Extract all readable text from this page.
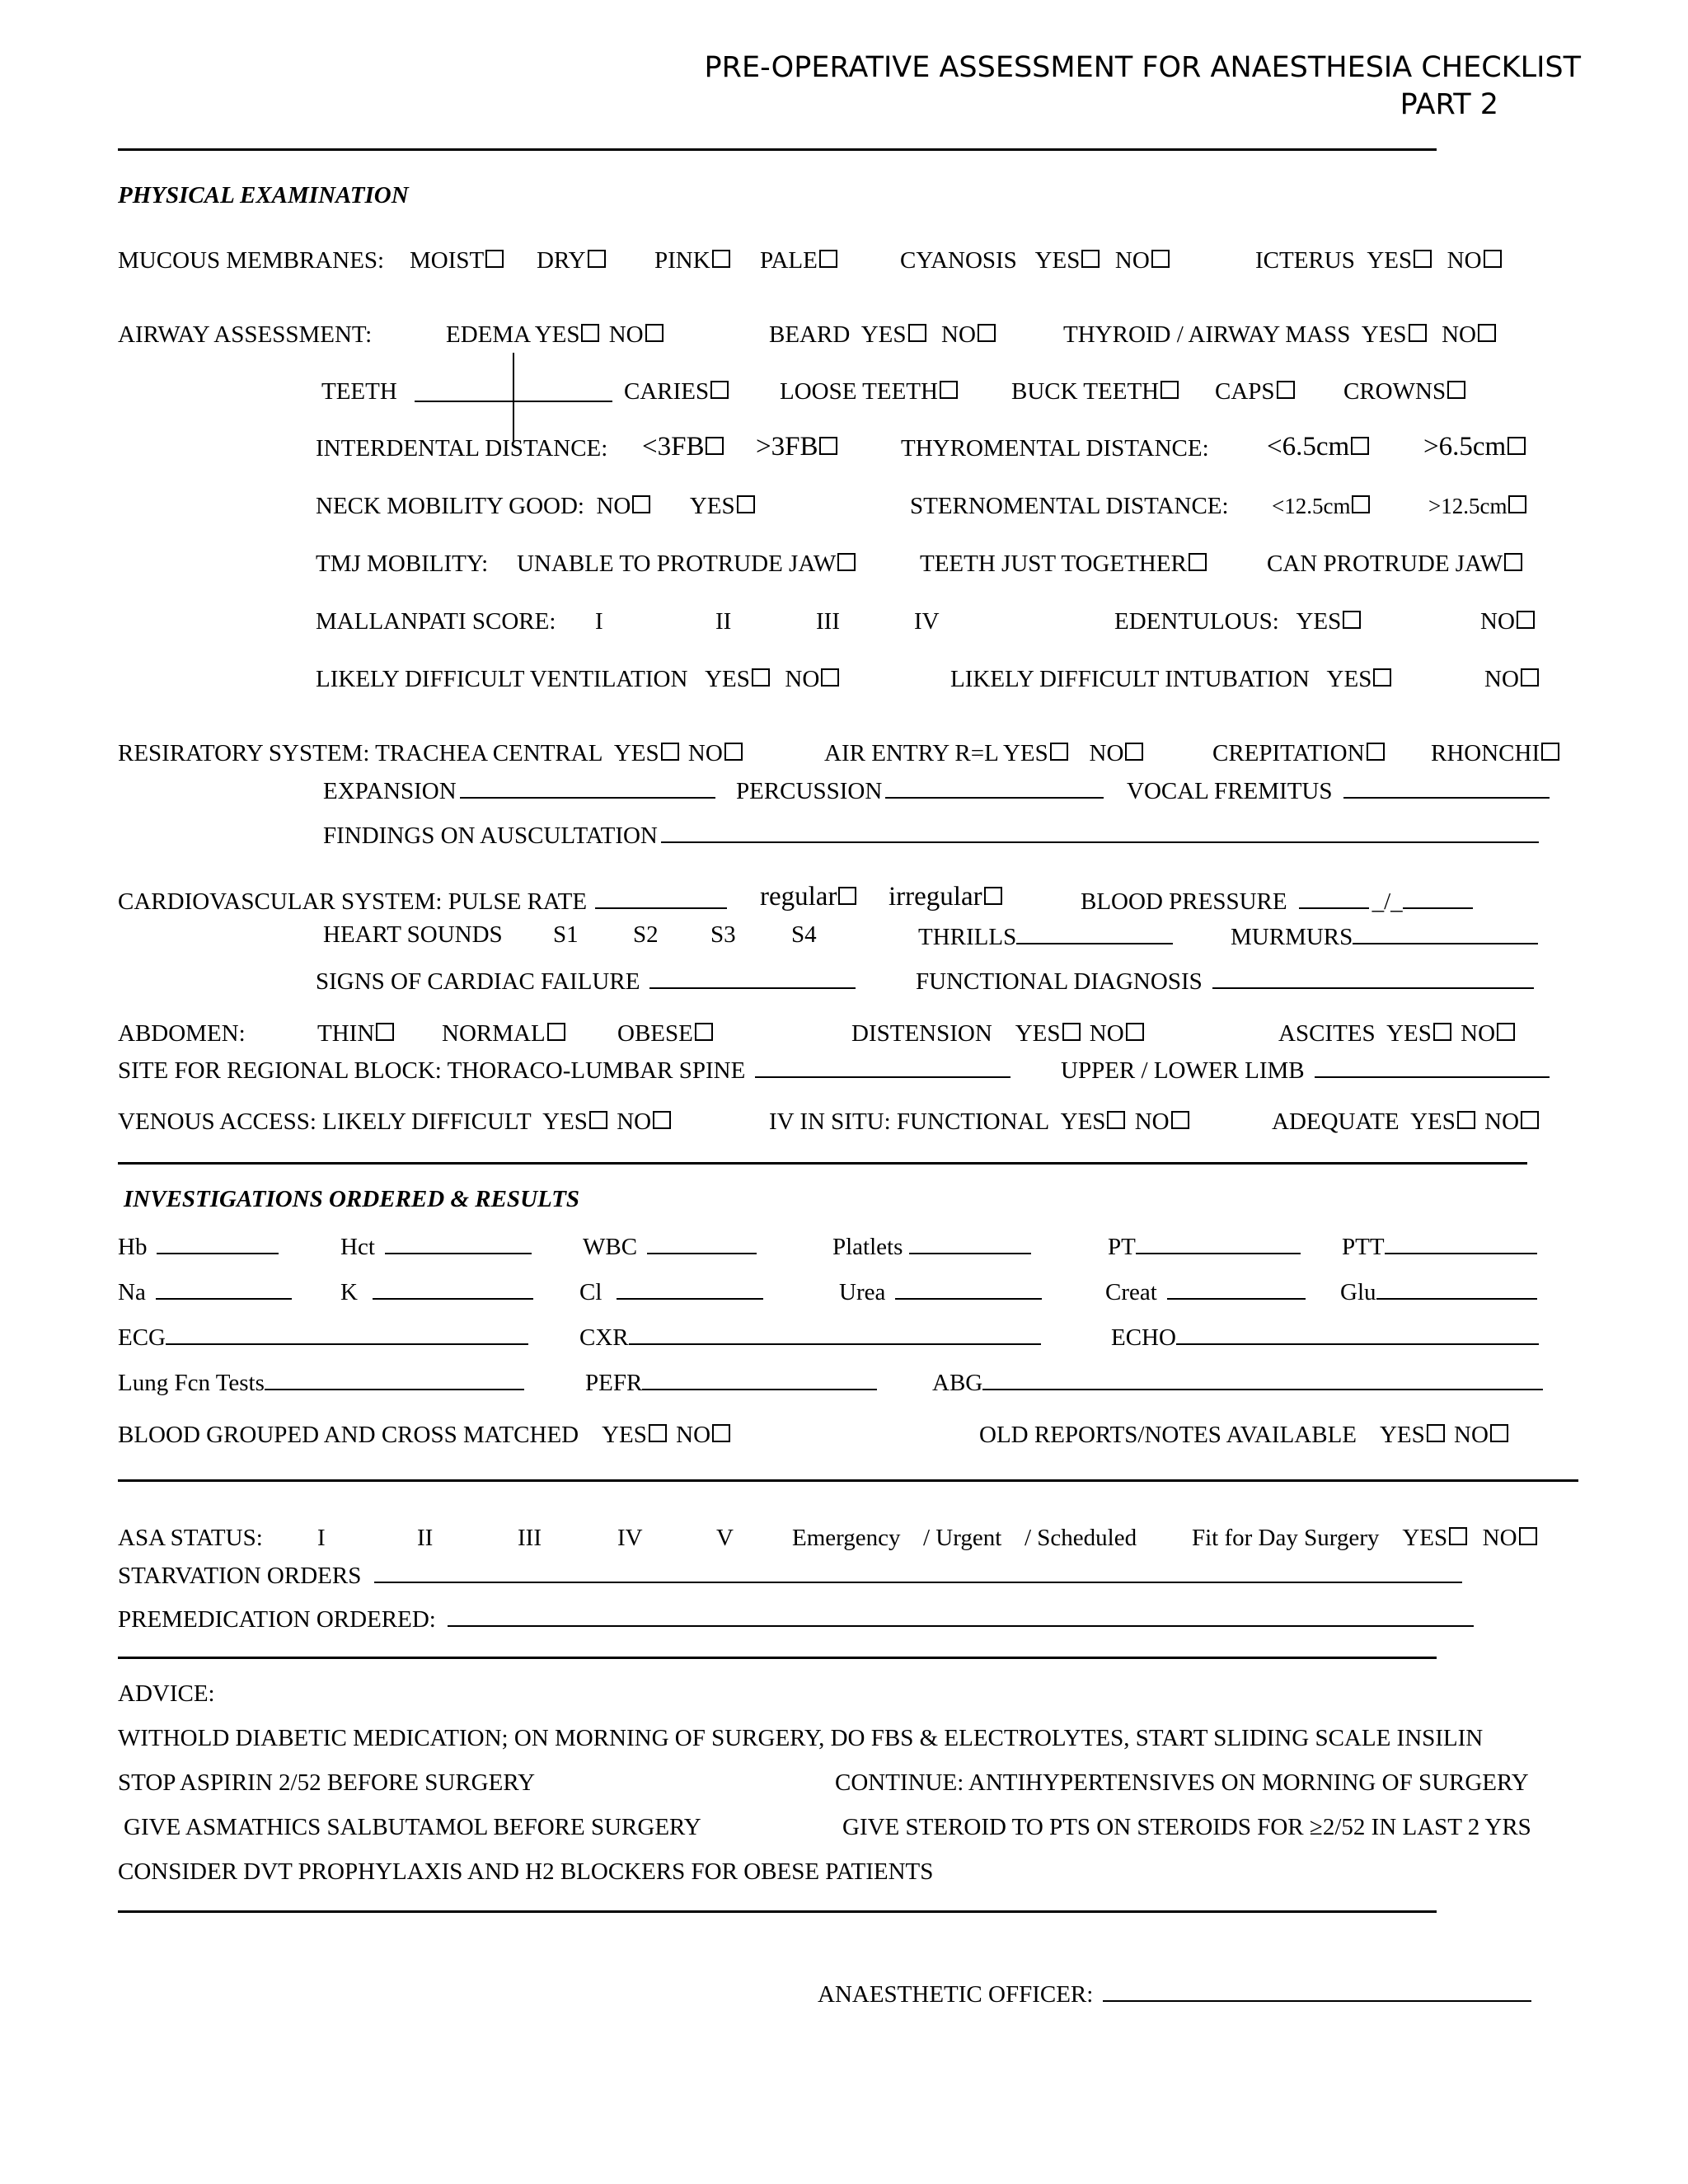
PRE-OPERATIVE ASSESSMENT FOR ANAESTHESIA CHECKLIST
PART 2
PHYSICAL EXAMINATION
MUCOUS MEMBRANES: MOIST	DRY	PINK	PALE	CYANOSIS YES NO	ICTERUS YES NO
AIRWAY ASSESSMENT:	EDEMA YES NO	BEARD YES NO	THYROID / AIRWAY MASS YES NO
TEETH	CARIES	LOOSE TEETH	BUCK TEETH	CAPS	CROWNS
INTERDENTAL DISTANCE: <3FB	>3FB	THYROMENTAL DISTANCE: <6.5cm	>6.5cm
NECK MOBILITY GOOD: NO YES	STERNOMENTAL DISTANCE: <12.5cm	>12.5cm
TMJ MOBILITY: UNABLE TO PROTRUDE JAW	TEETH JUST TOGETHER	CAN PROTRUDE JAW
MALLANPATI SCORE: I	II	III	IV	EDENTULOUS: YES	NO
LIKELY DIFFICULT VENTILATION YES NO	LIKELY DIFFICULT INTUBATION YES	NO
RESIRATORY SYSTEM: TRACHEA CENTRAL YES NO	AIR ENTRY R=L YES NO	CREPITATION	RHONCHI
EXPANSION	PERCUSSION	VOCAL FREMITUS
FINDINGS ON AUSCULTATION
CARDIOVASCULAR SYSTEM: PULSE RATE	regular	irregular	BLOOD PRESSURE	_/_
HEART SOUNDS S1 S2 S3 S4	THRILLS	MURMURS
SIGNS OF CARDIAC FAILURE	FUNCTIONAL DIAGNOSIS
ABDOMEN:	THIN	NORMAL	OBESE	DISTENSION YES NO	ASCITES YES NO
SITE FOR REGIONAL BLOCK: THORACO-LUMBAR SPINE	UPPER / LOWER LIMB
VENOUS ACCESS: LIKELY DIFFICULT YES NO	IV IN SITU: FUNCTIONAL YES NO	ADEQUATE YES NO
INVESTIGATIONS ORDERED & RESULTS
Hb	Hct	WBC	Platlets	PT	PTT
Na	K	Cl	Urea	Creat	Glu
ECG	CXR	ECHO
Lung Fcn Tests	PEFR	ABG
BLOOD GROUPED AND CROSS MATCHED YES NO	OLD REPORTS/NOTES AVAILABLE YES NO
ASA STATUS: I	II	III	IV	V Emergency / Urgent / Scheduled Fit for Day Surgery YES NO
STARVATION ORDERS
PREMEDICATION ORDERED:
ADVICE:
WITHOLD DIABETIC MEDICATION; ON MORNING OF SURGERY, DO FBS & ELECTROLYTES, START SLIDING SCALE INSILIN
STOP ASPIRIN 2/52 BEFORE SURGERY	CONTINUE: ANTIHYPERTENSIVES ON MORNING OF SURGERY
GIVE ASMATHICS SALBUTAMOL BEFORE SURGERY	GIVE STEROID TO PTS ON STEROIDS FOR ≥2/52 IN LAST 2 YRS
CONSIDER DVT PROPHYLAXIS AND H2 BLOCKERS FOR OBESE PATIENTS
ANAESTHETIC OFFICER:
